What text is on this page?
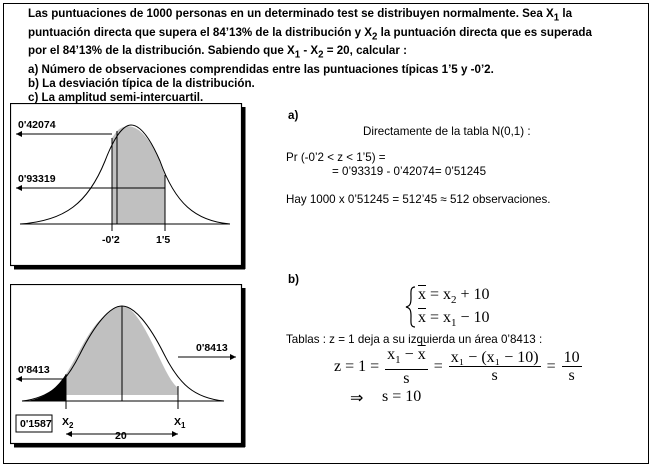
Las puntuaciones de 1000 personas en un determinado test se distribuyen normalmente. Sea $X_1$ la

puntuación directa que supera el 84’13% de la distribución y $X_2$ la puntuación directa que es superada

por el 84’13% de la distribución. Sabiendo que $X_1 - X_2 = 20$, calcular :

a) Número de observaciones comprendidas entre las puntuaciones típicas 1’5 y -0’2.

b) La desviación típica de la distribución.

c) La amplitud semi-intercuartil.

0'42074
0'93319
-0'2	1'5
0'8413
0'8413
0'1587 $X_2$	$X_1$
20
a)
Directamente de la tabla N(0,1) :
Pr (-0’2 < z < 1’5) =
= 0’93319 - 0’42074= 0’51245
Hay 1000 x 0’51245 = 512’45 ≈ 512 observaciones.
b)
$\overline{x} = x_2 + 10$
$\overline{x} = x_1 - 10$
Tablas : z = 1 deja a su izquierda un área 0’8413 :
$z = 1 = \frac{x_1 - \overline{x}}{s} = \frac{\text{x₁ − (x₁ − 10)}}{s} = \frac{10}{s}$
⇒ s = 10
